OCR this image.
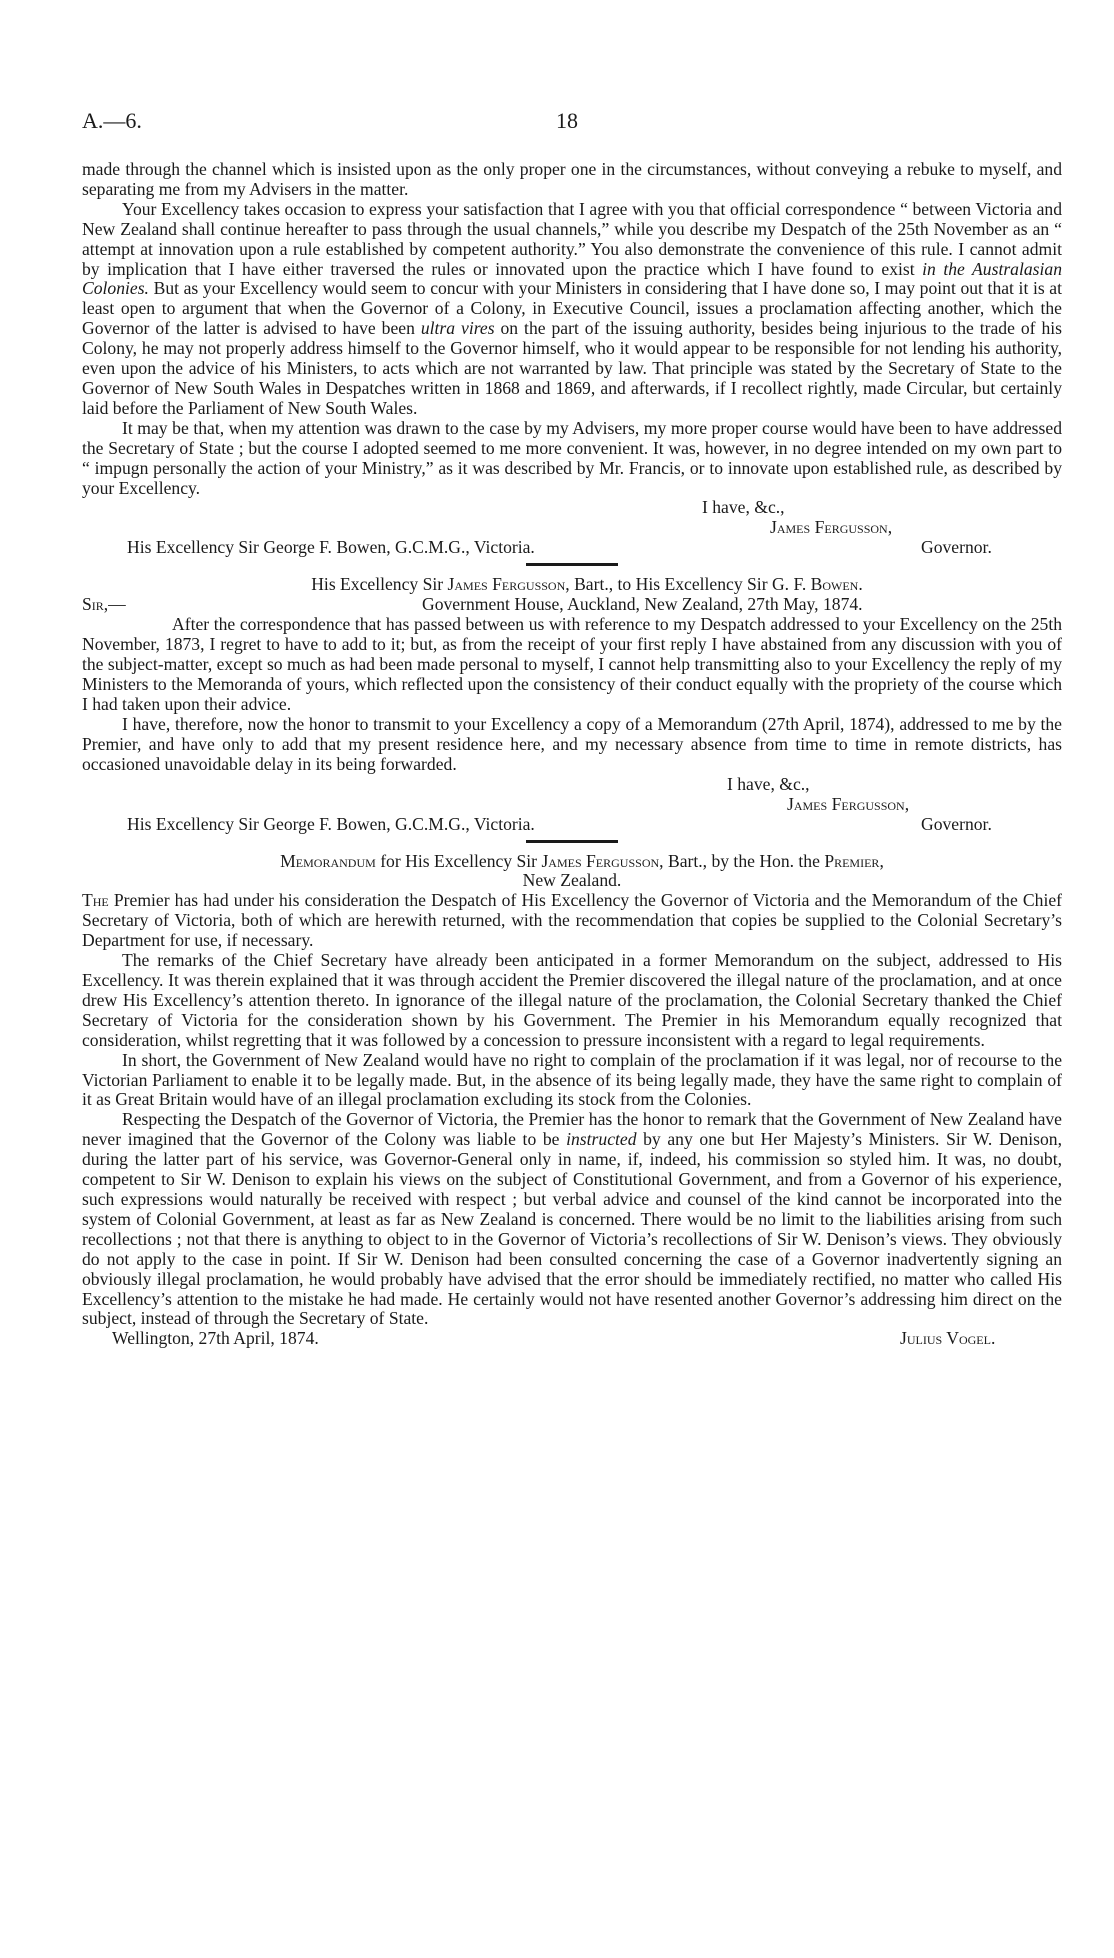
A.—6.	18

made through the channel which is insisted upon as the only proper one in the circumstances, without conveying a rebuke to myself, and separating me from my Advisers in the matter.

Your Excellency takes occasion to express your satisfaction that I agree with you that official correspondence “ between Victoria and New Zealand shall continue hereafter to pass through the usual channels,” while you describe my Despatch of the 25th November as an “ attempt at innovation upon a rule established by competent authority.” You also demonstrate the convenience of this rule. I cannot admit by implication that I have either traversed the rules or innovated upon the practice which I have found to exist in the Australasian Colonies. But as your Excellency would seem to concur with your Ministers in considering that I have done so, I may point out that it is at least open to argument that when the Governor of a Colony, in Executive Council, issues a proclamation affecting another, which the Governor of the latter is advised to have been ultra vires on the part of the issuing authority, besides being injurious to the trade of his Colony, he may not properly address himself to the Governor himself, who it would appear to be responsible for not lending his authority, even upon the advice of his Ministers, to acts which are not warranted by law. That principle was stated by the Secretary of State to the Governor of New South Wales in Despatches written in 1868 and 1869, and afterwards, if I recollect rightly, made Circular, but certainly laid before the Parliament of New South Wales.

It may be that, when my attention was drawn to the case by my Advisers, my more proper course would have been to have addressed the Secretary of State ; but the course I adopted seemed to me more convenient. It was, however, in no degree intended on my own part to “ impugn personally the action of your Ministry,” as it was described by Mr. Francis, or to innovate upon established rule, as described by your Excellency.

I have, &c.,
James Fergusson,
His Excellency Sir George F. Bowen, G.C.M.G., Victoria.	Governor.

His Excellency Sir James Fergusson, Bart., to His Excellency Sir G. F. Bowen.

Sir,—	Government House, Auckland, New Zealand, 27th May, 1874.

After the correspondence that has passed between us with reference to my Despatch addressed to your Excellency on the 25th November, 1873, I regret to have to add to it; but, as from the receipt of your first reply I have abstained from any discussion with you of the subject-matter, except so much as had been made personal to myself, I cannot help transmitting also to your Excellency the reply of my Ministers to the Memoranda of yours, which reflected upon the consistency of their conduct equally with the propriety of the course which I had taken upon their advice.

I have, therefore, now the honor to transmit to your Excellency a copy of a Memorandum (27th April, 1874), addressed to me by the Premier, and have only to add that my present residence here, and my necessary absence from time to time in remote districts, has occasioned unavoidable delay in its being forwarded.

I have, &c.,
James Fergusson,
His Excellency Sir George F. Bowen, G.C.M.G., Victoria.	Governor.

Memorandum for His Excellency Sir James Fergusson, Bart., by the Hon. the Premier,

New Zealand.

The Premier has had under his consideration the Despatch of His Excellency the Governor of Victoria and the Memorandum of the Chief Secretary of Victoria, both of which are herewith returned, with the recommendation that copies be supplied to the Colonial Secretary’s Department for use, if necessary.

The remarks of the Chief Secretary have already been anticipated in a former Memorandum on the subject, addressed to His Excellency. It was therein explained that it was through accident the Premier discovered the illegal nature of the proclamation, and at once drew His Excellency’s attention thereto. In ignorance of the illegal nature of the proclamation, the Colonial Secretary thanked the Chief Secretary of Victoria for the consideration shown by his Government. The Premier in his Memorandum equally recognized that consideration, whilst regretting that it was followed by a concession to pressure inconsistent with a regard to legal requirements.

In short, the Government of New Zealand would have no right to complain of the proclamation if it was legal, nor of recourse to the Victorian Parliament to enable it to be legally made. But, in the absence of its being legally made, they have the same right to complain of it as Great Britain would have of an illegal proclamation excluding its stock from the Colonies.

Respecting the Despatch of the Governor of Victoria, the Premier has the honor to remark that the Government of New Zealand have never imagined that the Governor of the Colony was liable to be instructed by any one but Her Majesty’s Ministers. Sir W. Denison, during the latter part of his service, was Governor-General only in name, if, indeed, his commission so styled him. It was, no doubt, competent to Sir W. Denison to explain his views on the subject of Constitutional Government, and from a Governor of his experience, such expressions would naturally be received with respect ; but verbal advice and counsel of the kind cannot be incorporated into the system of Colonial Government, at least as far as New Zealand is concerned. There would be no limit to the liabilities arising from such recollections ; not that there is anything to object to in the Governor of Victoria’s recollections of Sir W. Denison’s views. They obviously do not apply to the case in point. If Sir W. Denison had been consulted concerning the case of a Governor inadvertently signing an obviously illegal proclamation, he would probably have advised that the error should be immediately rectified, no matter who called His Excellency’s attention to the mistake he had made. He certainly would not have resented another Governor’s addressing him direct on the subject, instead of through the Secretary of State.

Wellington, 27th April, 1874.	Julius Vogel.
